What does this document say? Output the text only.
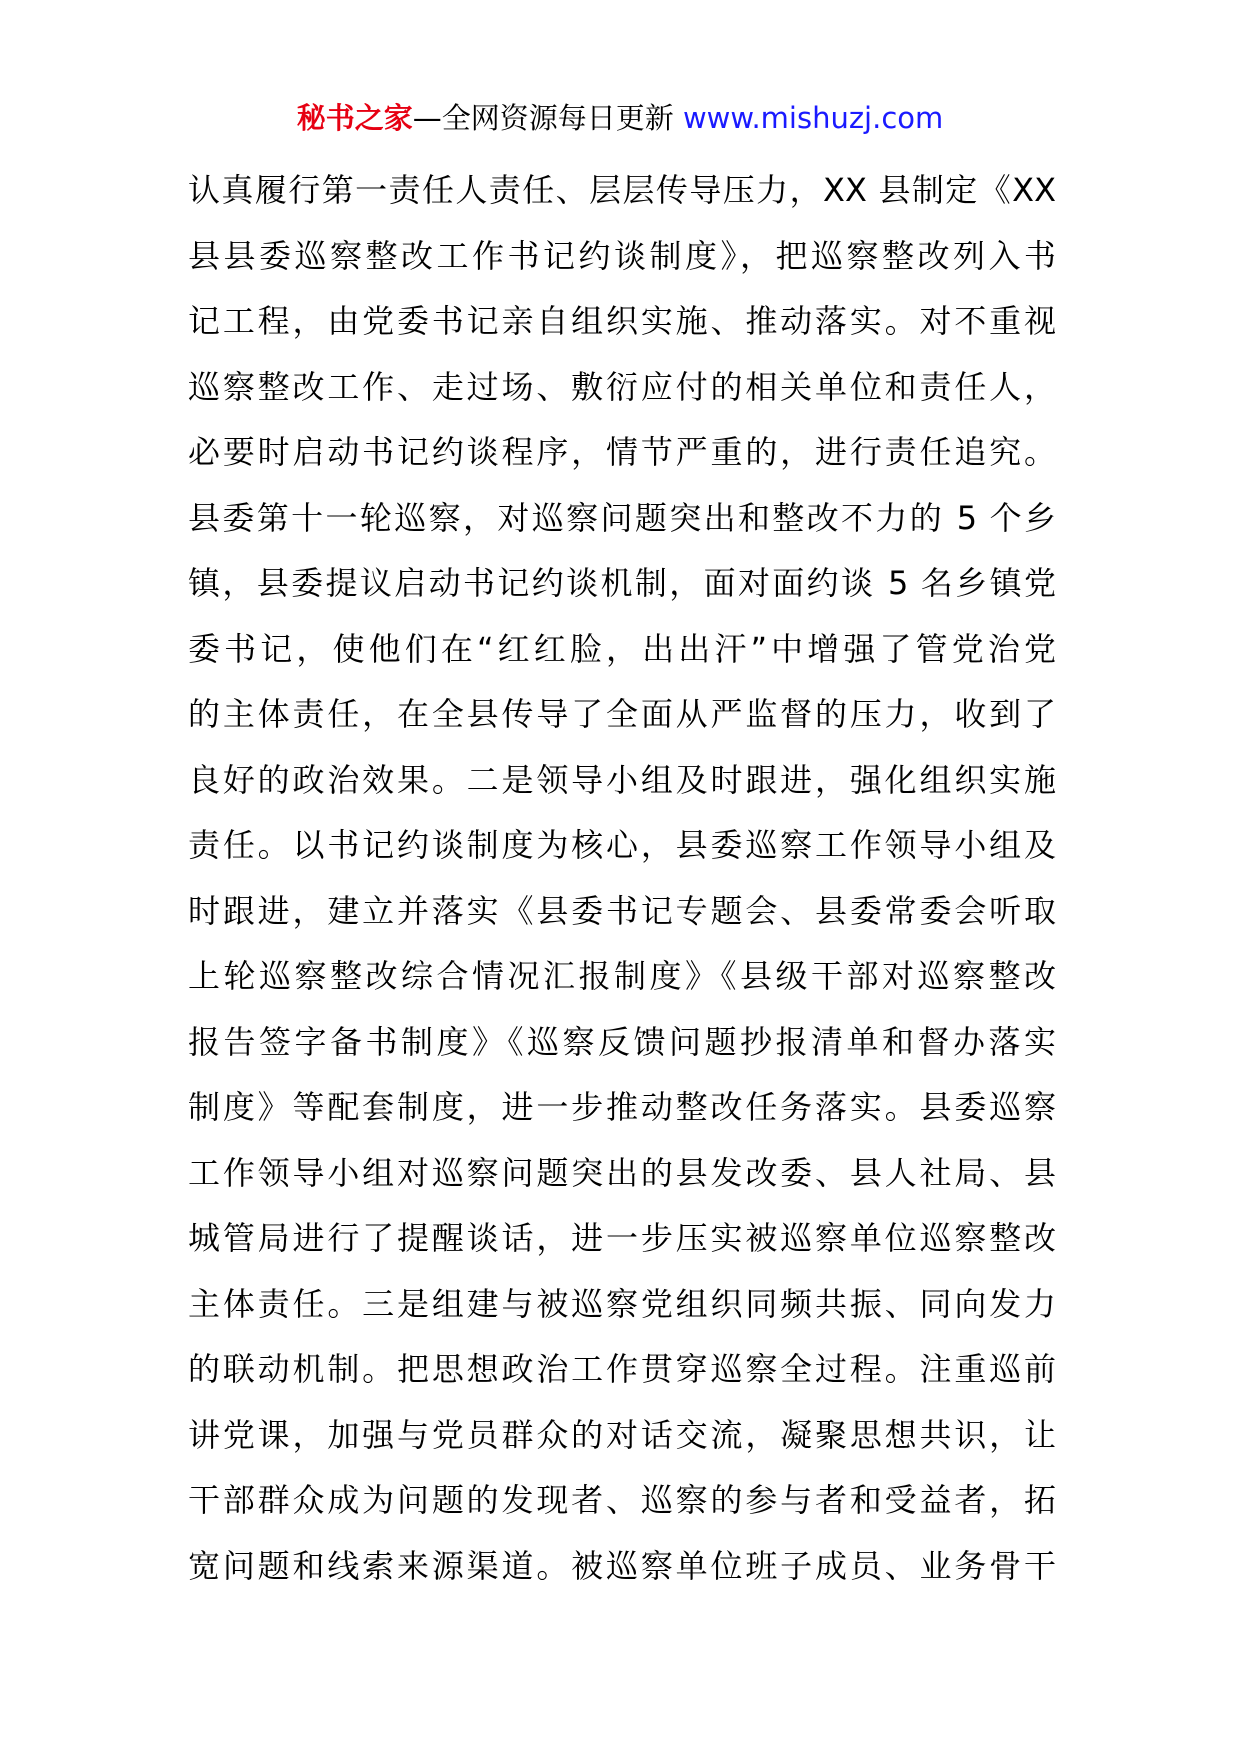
秘书之家—全网资源每日更新 www.mishuzj.com
认真履行第一责任人责任、层层传导压力，XX 县制定《XX
县县委巡察整改工作书记约谈制度》，把巡察整改列入书
记工程，由党委书记亲自组织实施、推动落实。对不重视
巡察整改工作、走过场、敷衍应付的相关单位和责任人，
必要时启动书记约谈程序，情节严重的，进行责任追究。
县委第十一轮巡察，对巡察问题突出和整改不力的 5 个乡
镇，县委提议启动书记约谈机制，面对面约谈 5 名乡镇党
委书记，使他们在“红红脸，出出汗”中增强了管党治党
的主体责任，在全县传导了全面从严监督的压力，收到了
良好的政治效果。二是领导小组及时跟进，强化组织实施
责任。以书记约谈制度为核心，县委巡察工作领导小组及
时跟进，建立并落实《县委书记专题会、县委常委会听取
上轮巡察整改综合情况汇报制度》《县级干部对巡察整改
报告签字备书制度》《巡察反馈问题抄报清单和督办落实
制度》等配套制度，进一步推动整改任务落实。县委巡察
工作领导小组对巡察问题突出的县发改委、县人社局、县
城管局进行了提醒谈话，进一步压实被巡察单位巡察整改
主体责任。三是组建与被巡察党组织同频共振、同向发力
的联动机制。把思想政治工作贯穿巡察全过程。注重巡前
讲党课，加强与党员群众的对话交流，凝聚思想共识，让
干部群众成为问题的发现者、巡察的参与者和受益者，拓
宽问题和线索来源渠道。被巡察单位班子成员、业务骨干
